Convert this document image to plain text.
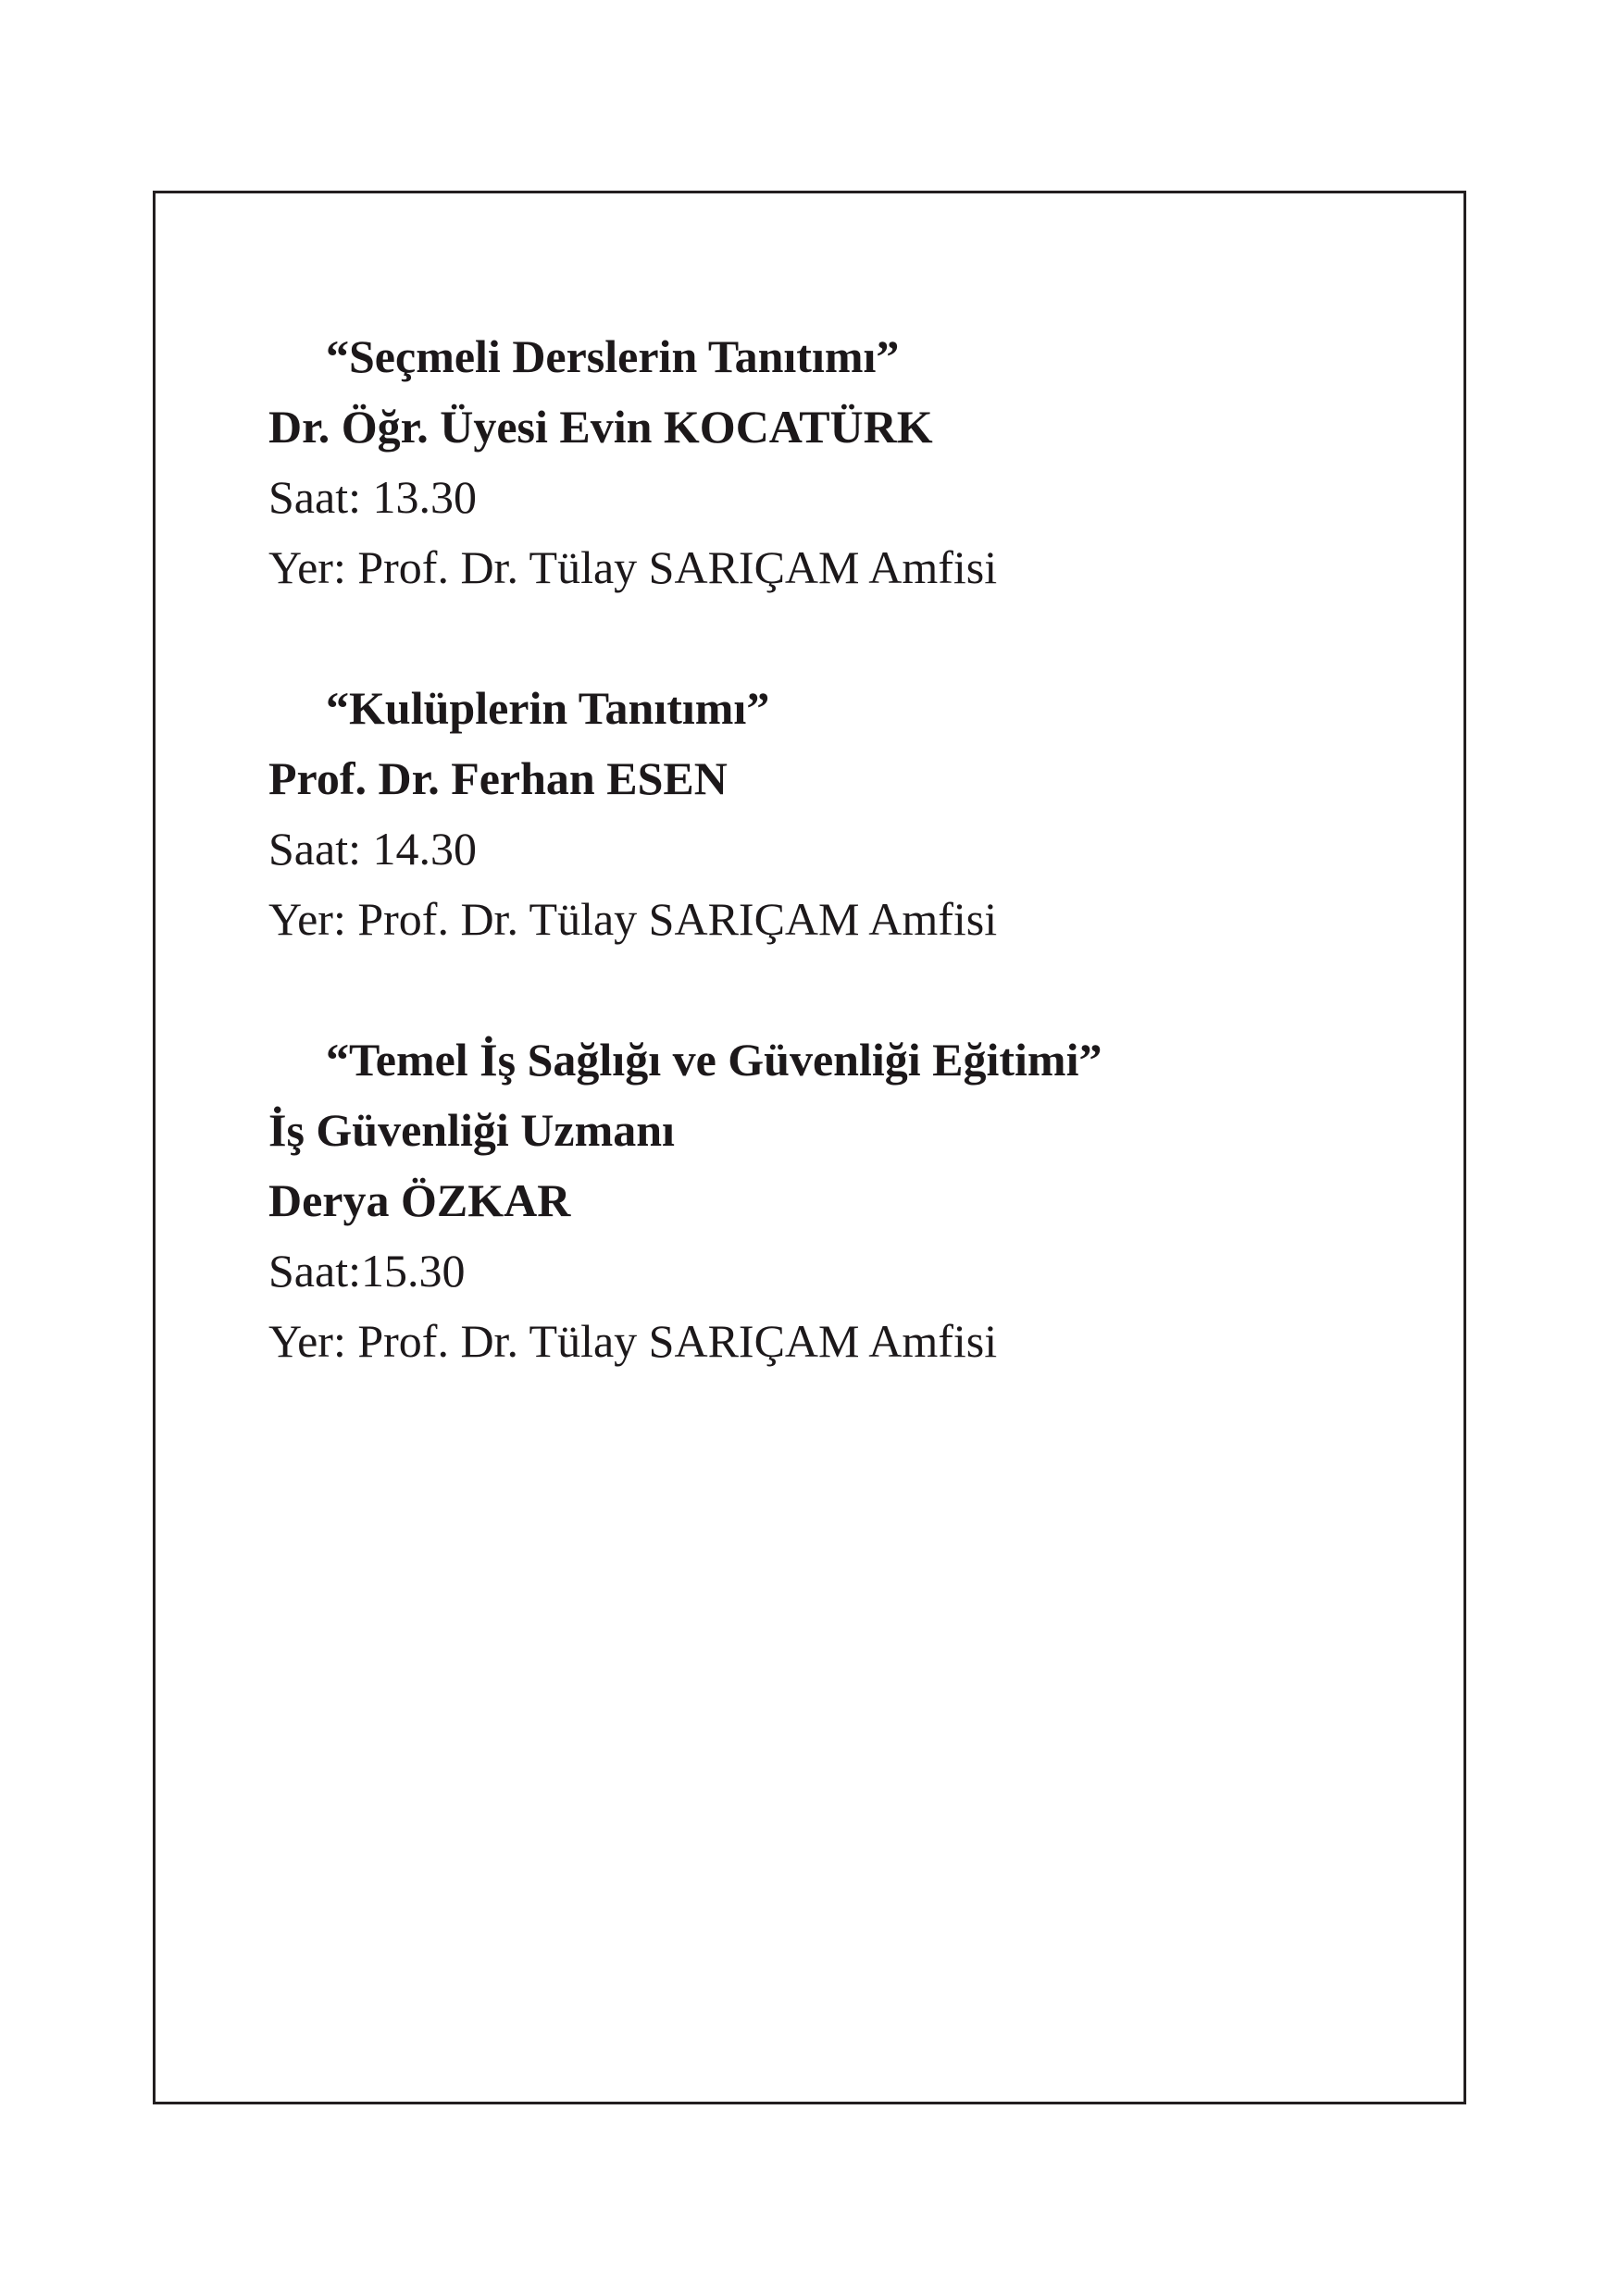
“Seçmeli Derslerin Tanıtımı”

Dr. Öğr. Üyesi Evin KOCATÜRK

Saat: 13.30

Yer: Prof. Dr. Tülay SARIÇAM Amfisi

“Kulüplerin Tanıtımı”

Prof. Dr. Ferhan ESEN

Saat: 14.30

Yer: Prof. Dr. Tülay SARIÇAM Amfisi

“Temel İş Sağlığı ve Güvenliği Eğitimi”

İş Güvenliği Uzmanı

Derya ÖZKAR

Saat:15.30

Yer: Prof. Dr. Tülay SARIÇAM Amfisi
